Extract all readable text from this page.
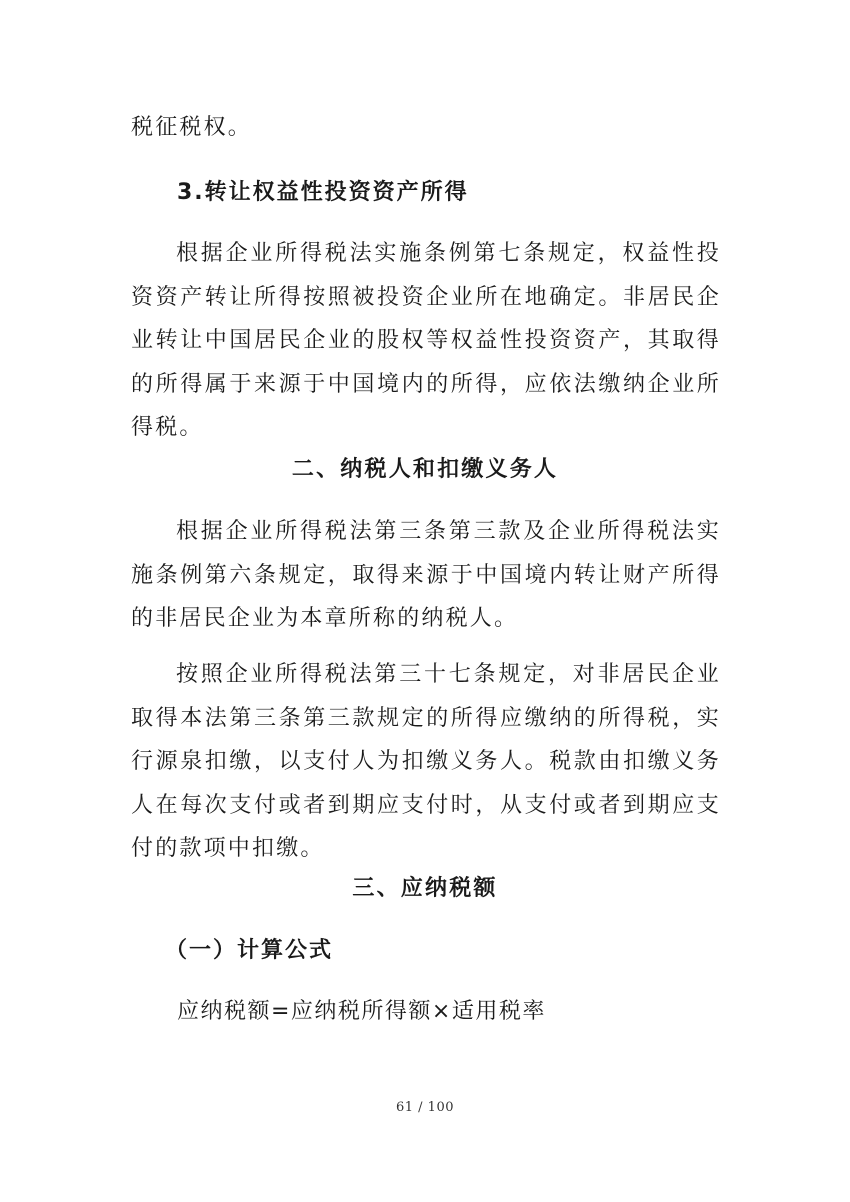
税征税权。

3.转让权益性投资资产所得

根据企业所得税法实施条例第七条规定，权益性投资资产转让所得按照被投资企业所在地确定。非居民企业转让中国居民企业的股权等权益性投资资产，其取得的所得属于来源于中国境内的所得，应依法缴纳企业所得税。

二、纳税人和扣缴义务人

根据企业所得税法第三条第三款及企业所得税法实施条例第六条规定，取得来源于中国境内转让财产所得的非居民企业为本章所称的纳税人。

按照企业所得税法第三十七条规定，对非居民企业取得本法第三条第三款规定的所得应缴纳的所得税，实行源泉扣缴，以支付人为扣缴义务人。税款由扣缴义务人在每次支付或者到期应支付时，从支付或者到期应支付的款项中扣缴。

三、应纳税额

（一）计算公式

应纳税额=应纳税所得额×适用税率

61 / 100
